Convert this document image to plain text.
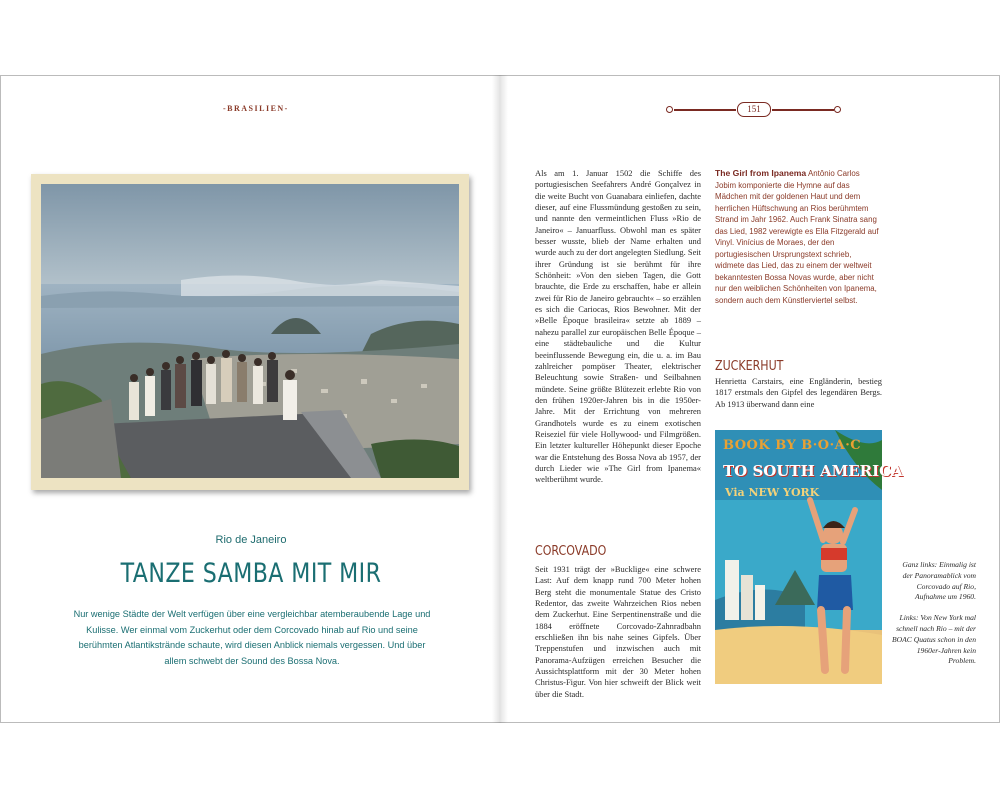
-BRASILIEN-
Rio de Janeiro
TANZE SAMBA MIT MIR
Nur wenige Städte der Welt verfügen über eine vergleichbar atemberaubende Lage und Kulisse. Wer einmal vom Zuckerhut oder dem Corcovado hinab auf Rio und seine berühmten Atlantikstrände schaute, wird diesen Anblick niemals vergessen. Und über allem schwebt der Sound des Bossa Nova.
151

Als am 1. Januar 1502 die Schiffe des portugiesischen Seefahrers André Gonçalvez in die weite Bucht von Guanabara einliefen, dachte dieser, auf eine Flussmündung gestoßen zu sein, und nannte den vermeintlichen Fluss »Rio de Janeiro« – Januarfluss. Obwohl man es später besser wusste, blieb der Name erhalten und wurde auch zu der dort angelegten Siedlung. Seit ihrer Gründung ist sie berühmt für ihre Schönheit: »Von den sieben Tagen, die Gott brauchte, die Erde zu erschaffen, habe er allein zwei für Rio de Janeiro gebraucht« – so erzählen es sich die Cariocas, Rios Bewohner. Mit der »Belle Époque brasileira« setzte ab 1889 – nahezu parallel zur europäischen Belle Époque – eine städtebauliche und die Kultur beeinflussende Bewegung ein, die u. a. im Bau zahlreicher pompöser Theater, elektrischer Beleuchtung sowie Straßen- und Seilbahnen mündete. Seine größte Blütezeit erlebte Rio von den frühen 1920er-Jahren bis in die 1950er-Jahre. Mit der Errichtung von mehreren Grandhotels wurde es zu einem exotischen Reiseziel für viele Hollywood- und Filmgrößen. Ein letzter kultureller Höhepunkt dieser Epoche war die Entstehung des Bossa Nova ab 1957, der durch Lieder wie »The Girl from Ipanema« weltberühmt wurde.

CORCOVADO

Seit 1931 trägt der »Bucklige« eine schwere Last: Auf dem knapp rund 700 Meter hohen Berg steht die monumentale Statue des Cristo Redentor, das zweite Wahrzeichen Rios neben dem Zuckerhut. Eine Serpentinenstraße und die 1884 eröffnete Corcovado-Zahnradbahn erschließen ihn bis nahe seines Gipfels. Über Treppenstufen und inzwischen auch mit Panorama-Aufzügen erreichen Besucher die Aussichtsplattform mit der 30 Meter hohen Christus-Figur. Von hier schweift der Blick weit über die Stadt.

The Girl from Ipanema Antônio Carlos Jobim komponierte die Hymne auf das Mädchen mit der goldenen Haut und dem herrlichen Hüftschwung an Rios berühmtem Strand im Jahr 1962. Auch Frank Sinatra sang das Lied, 1982 verewigte es Ella Fitzgerald auf Vinyl. Vinícius de Moraes, der den portugiesischen Ursprungstext schrieb, widmete das Lied, das zu einem der weltweit bekanntesten Bossa Novas wurde, aber nicht nur den weiblichen Schönheiten von Ipanema, sondern auch dem Künstlerviertel selbst.
ZUCKERHUT
Henrietta Carstairs, eine Engländerin, bestieg 1817 erstmals den Gipfel des legendären Bergs. Ab 1913 überwand dann eine
BOOK BY B·O·A·C
TO SOUTH AMERICA
Via NEW YORK

Ganz links: Einmalig ist der Panoramablick vom Corcovado auf Rio, Aufnahme um 1960.

Links: Von New York mal schnell nach Rio – mit der BOAC Quatus schon in den 1960er-Jahren kein Problem.
